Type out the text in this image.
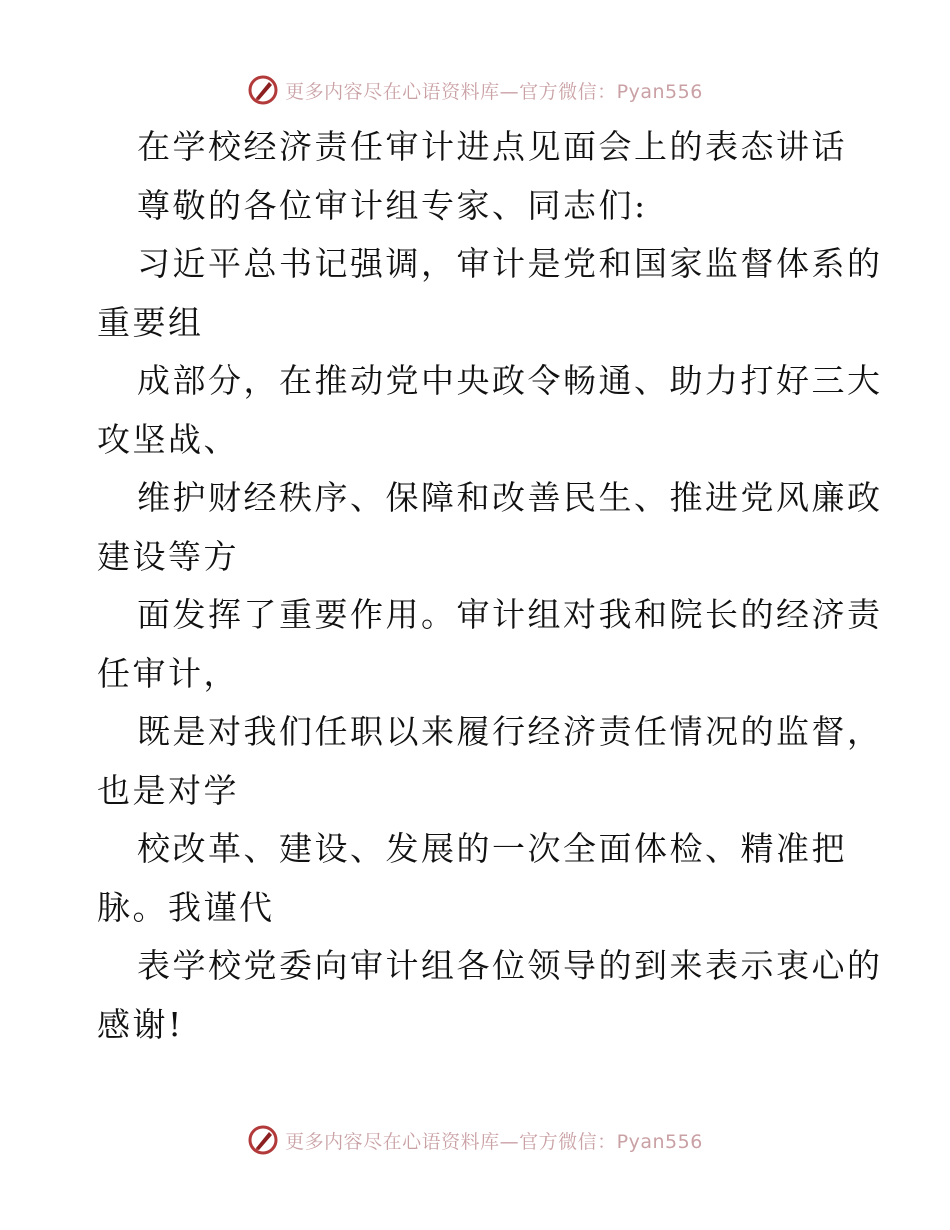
更多内容尽在心语资料库—官方微信：Pyan556
在学校经济责任审计进点见面会上的表态讲话
尊敬的各位审计组专家、同志们:
习近平总书记强调，审计是党和国家监督体系的
重要组
成部分，在推动党中央政令畅通、助力打好三大
攻坚战、
维护财经秩序、保障和改善民生、推进党风廉政
建设等方
面发挥了重要作用。审计组对我和院长的经济责
任审计，
既是对我们任职以来履行经济责任情况的监督，
也是对学
校改革、建设、发展的一次全面体检、精准把
脉。我谨代
表学校党委向审计组各位领导的到来表示衷心的
感谢!
更多内容尽在心语资料库—官方微信：Pyan556
